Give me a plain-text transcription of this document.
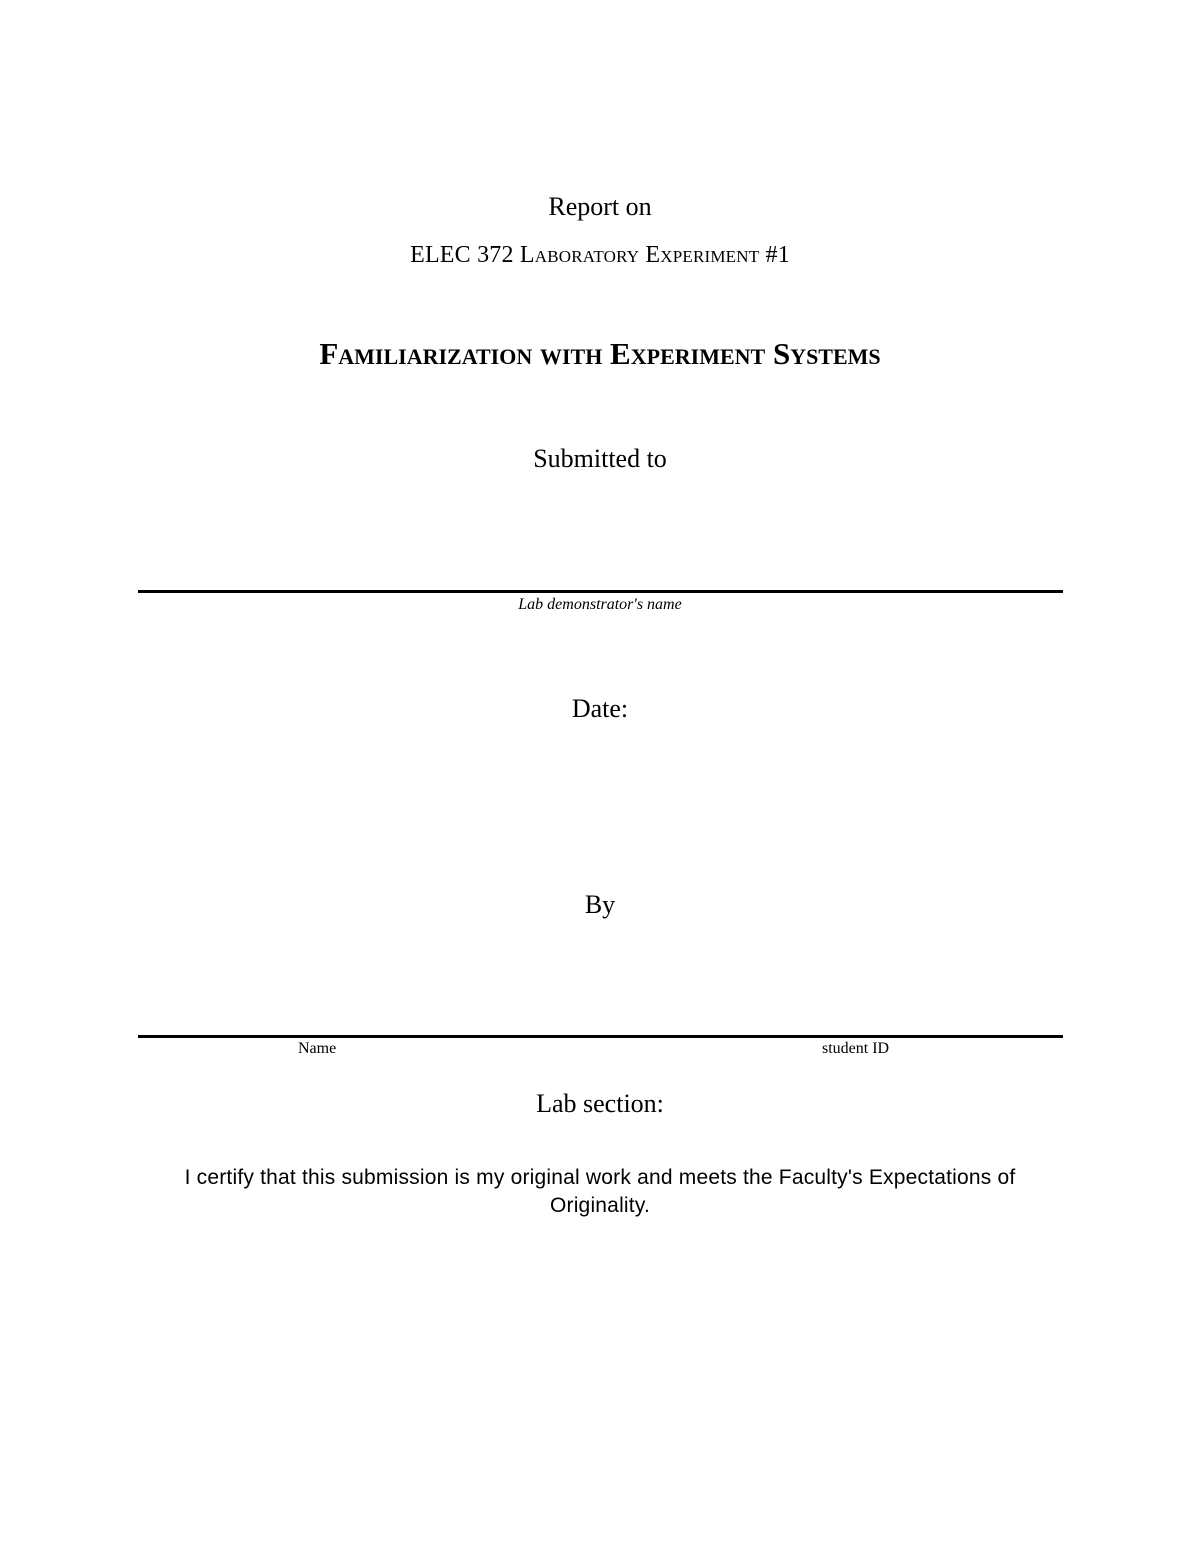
Report on
ELEC 372 Laboratory Experiment #1
Familiarization with Experiment Systems
Submitted to
Lab demonstrator's name
Date:
By
Name	student ID
Lab section:
I certify that this submission is my original work and meets the Faculty's Expectations of Originality.
